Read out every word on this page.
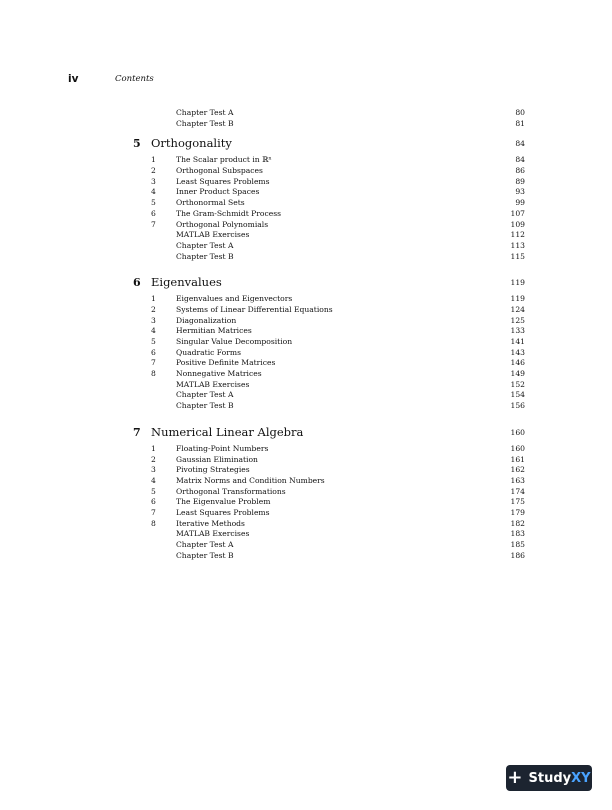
iv	Contents
Chapter Test A	80
Chapter Test B	81
5 Orthogonality	84
1	The Scalar product in ℝⁿ	84
2	Orthogonal Subspaces	86
3	Least Squares Problems	89
4	Inner Product Spaces	93
5	Orthonormal Sets	99
6	The Gram-Schmidt Process	107
7	Orthogonal Polynomials	109
MATLAB Exercises	112
Chapter Test A	113
Chapter Test B	115
6 Eigenvalues	119
1	Eigenvalues and Eigenvectors	119
2	Systems of Linear Differential Equations	124
3	Diagonalization	125
4	Hermitian Matrices	133
5	Singular Value Decomposition	141
6	Quadratic Forms	143
7	Positive Definite Matrices	146
8	Nonnegative Matrices	149
MATLAB Exercises	152
Chapter Test A	154
Chapter Test B	156
7 Numerical Linear Algebra	160
1	Floating-Point Numbers	160
2	Gaussian Elimination	161
3	Pivoting Strategies	162
4	Matrix Norms and Condition Numbers	163
5	Orthogonal Transformations	174
6	The Eigenvalue Problem	175
7	Least Squares Problems	179
8	Iterative Methods	182
MATLAB Exercises	183
Chapter Test A	185
Chapter Test B	186
+ StudyXY
